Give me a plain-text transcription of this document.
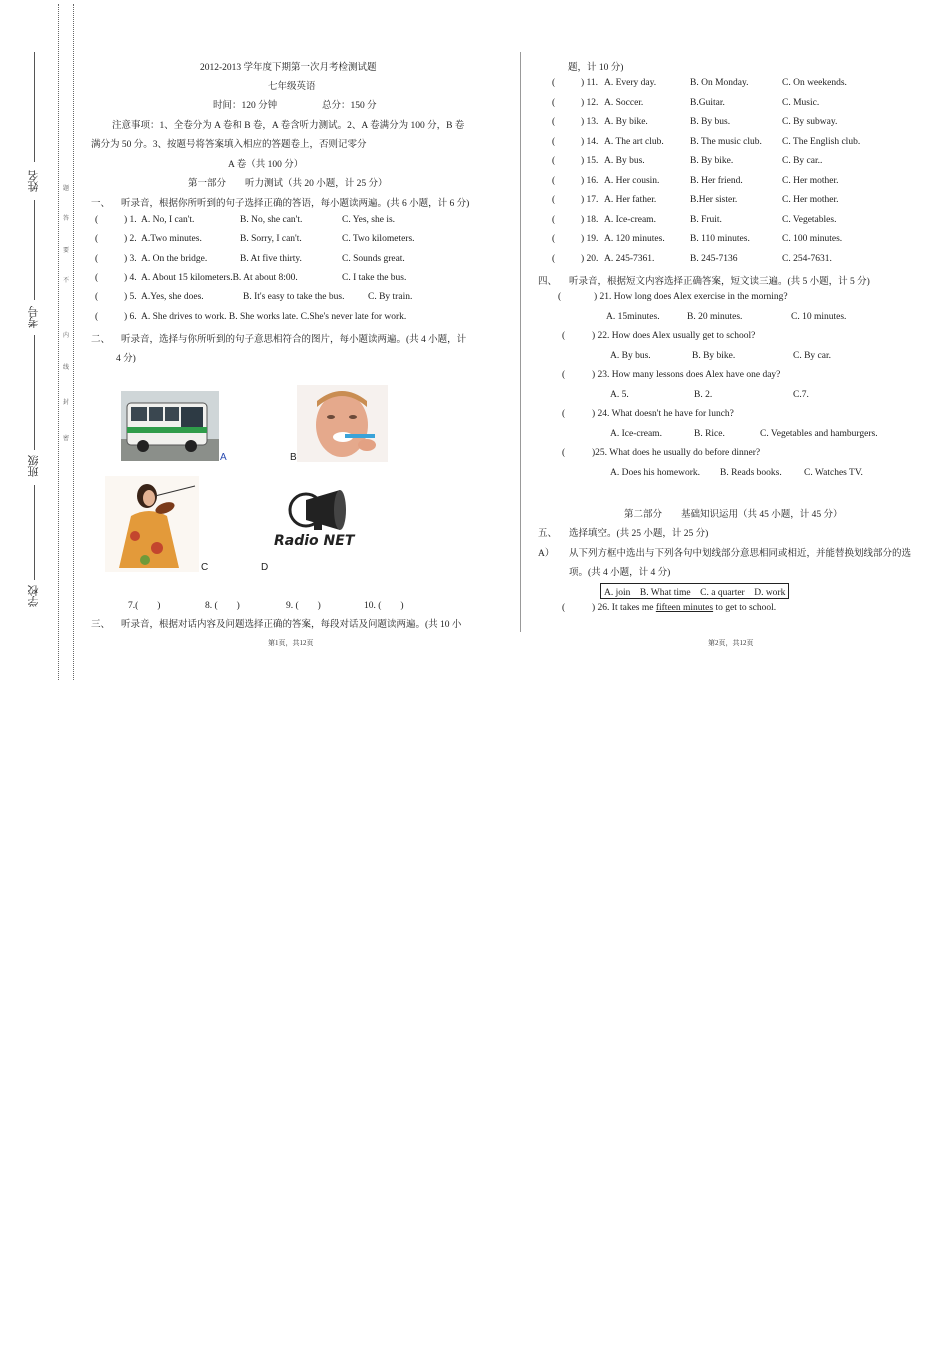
姓名
考号
班级
学校
题
答
要
不
内
线
封
密
2012-2013 学年度下期第一次月考检测试题
七年级英语
时间：120 分钟	总分：150 分
注意事项：1、全卷分为 A 卷和 B 卷，A 卷含听力测试。2、A 卷满分为 100 分，B 卷
满分为 50 分。3、按题号将答案填入相应的答题卷上，否则记零分
A 卷（共 100 分）
第一部分　　听力测试（共 20 小题，计 25 分）
一、 听录音，根据你所听到的句子选择正确的答语，每小题读两遍。(共 6 小题，计 6 分)
(	) 1. A. No, I can't.	B. No, she can't.	C. Yes, she is.
(	) 2. A.Two minutes.	B. Sorry, I can't.	C. Two kilometers.
(	) 3. A. On the bridge.	B. At five thirty.	C. Sounds great.
(	) 4. A. About 15 kilometers.B. At about 8:00.	C. I take the bus.
(	) 5. A.Yes, she does.	B. It's easy to take the bus. C. By train.
(	) 6. A. She drives to work. B. She works late. C.She's never late for work.
二、 听录音，选择与你所听到的句子意思相符合的图片，每小题读两遍。(共 4 小题，计
4 分)
A	B
C
Radio NET
D
7.(　　)	8. (　　)	9. (　　)	10. (　　)
三、 听录音，根据对话内容及问题选择正确的答案，每段对话及问题读两遍。(共 10 小
第1页，共12页
题，计 10 分)
(	) 11. A. Every day.	B. On Monday.	C. On weekends.
(	) 12. A. Soccer.	B.Guitar.	C. Music.
(	) 13. A. By bike.	B. By bus.	C. By subway.
(	) 14. A. The art club.	B. The music club. C. The English club.
(	) 15. A. By bus.	B. By bike.	C. By car..
(	) 16. A. Her cousin.	B. Her friend.	C. Her mother.
(	) 17. A. Her father.	B.Her sister.	C. Her mother.
(	) 18. A. Ice-cream.	B. Fruit.	C. Vegetables.
(	) 19. A. 120 minutes.	B. 110 minutes.	C. 100 minutes.
(	) 20. A. 245-7361.	B. 245-7136	C. 254-7631.
四、 听录音，根据短文内容选择正确答案，短文读三遍。(共 5 小题，计 5 分)
(	) 21. How long does Alex exercise in the morning?
A. 15minutes.	B. 20 minutes.	C. 10 minutes.
(	) 22. How does Alex usually get to school?
A. By bus.	B. By bike.	C. By car.
(	) 23. How many lessons does Alex have one day?
A. 5.	B. 2.	C.7.
(	) 24. What doesn't he have for lunch?
A. Ice-cream.	B. Rice.	C. Vegetables and hamburgers.
(	)25. What does he usually do before dinner?
A. Does his homework. B. Reads books. C. Watches TV.
第二部分　　基础知识运用（共 45 小题，计 45 分）
五、 选择填空。(共 25 小题，计 25 分)
A） 从下列方框中选出与下列各句中划线部分意思相同或相近，并能替换划线部分的选
项。(共 4 小题，计 4 分)
A. join　B. What time　C. a quarter　D. work
(	) 26. It takes me fifteen minutes to get to school.
第2页，共12页
